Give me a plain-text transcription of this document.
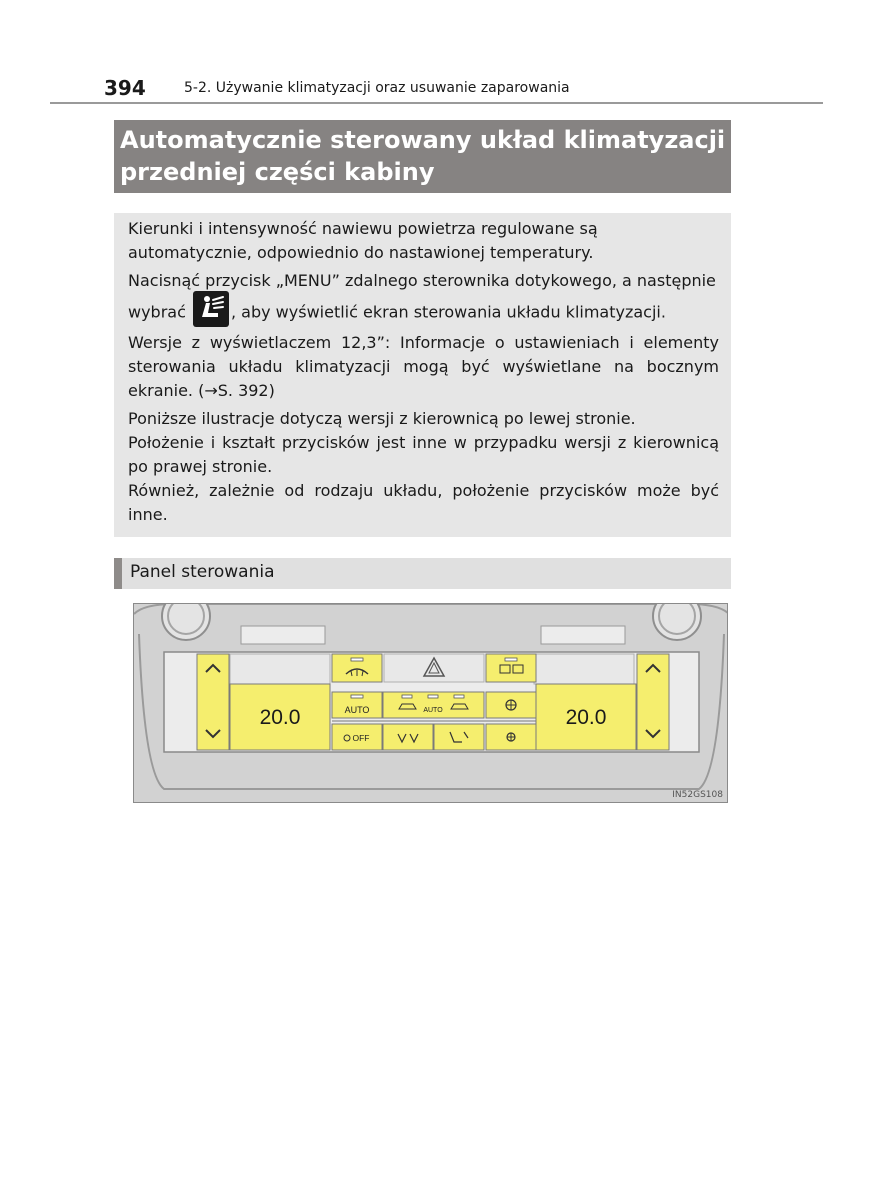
394	5-2. Używanie klimatyzacji oraz usuwanie zaparowania
Automatycznie sterowany układ klimatyzacji
przedniej części kabiny

Kierunki i intensywność nawiewu powietrza regulowane są automatycznie, odpowiednio do nastawionej temperatury.

Nacisnąć przycisk „MENU” zdalnego sterownika dotykowego, a następnie

wybrać	, aby wyświetlić ekran sterowania układu klimatyzacji.

Wersje z wyświetlaczem 12,3”: Informacje o ustawieniach i elementy sterowania układu klimatyzacji mogą być wyświetlane na bocznym ekranie. (→S. 392)

Poniższe ilustracje dotyczą wersji z kierownicą po lewej stronie.

Położenie i kształt przycisków jest inne w przypadku wersji z kierownicą po prawej stronie.

Również, zależnie od rodzaju układu, położenie przycisków może być inne.

Panel sterowania
20.0	20.0
AUTO	AUTO
OFF
IN52GS108
